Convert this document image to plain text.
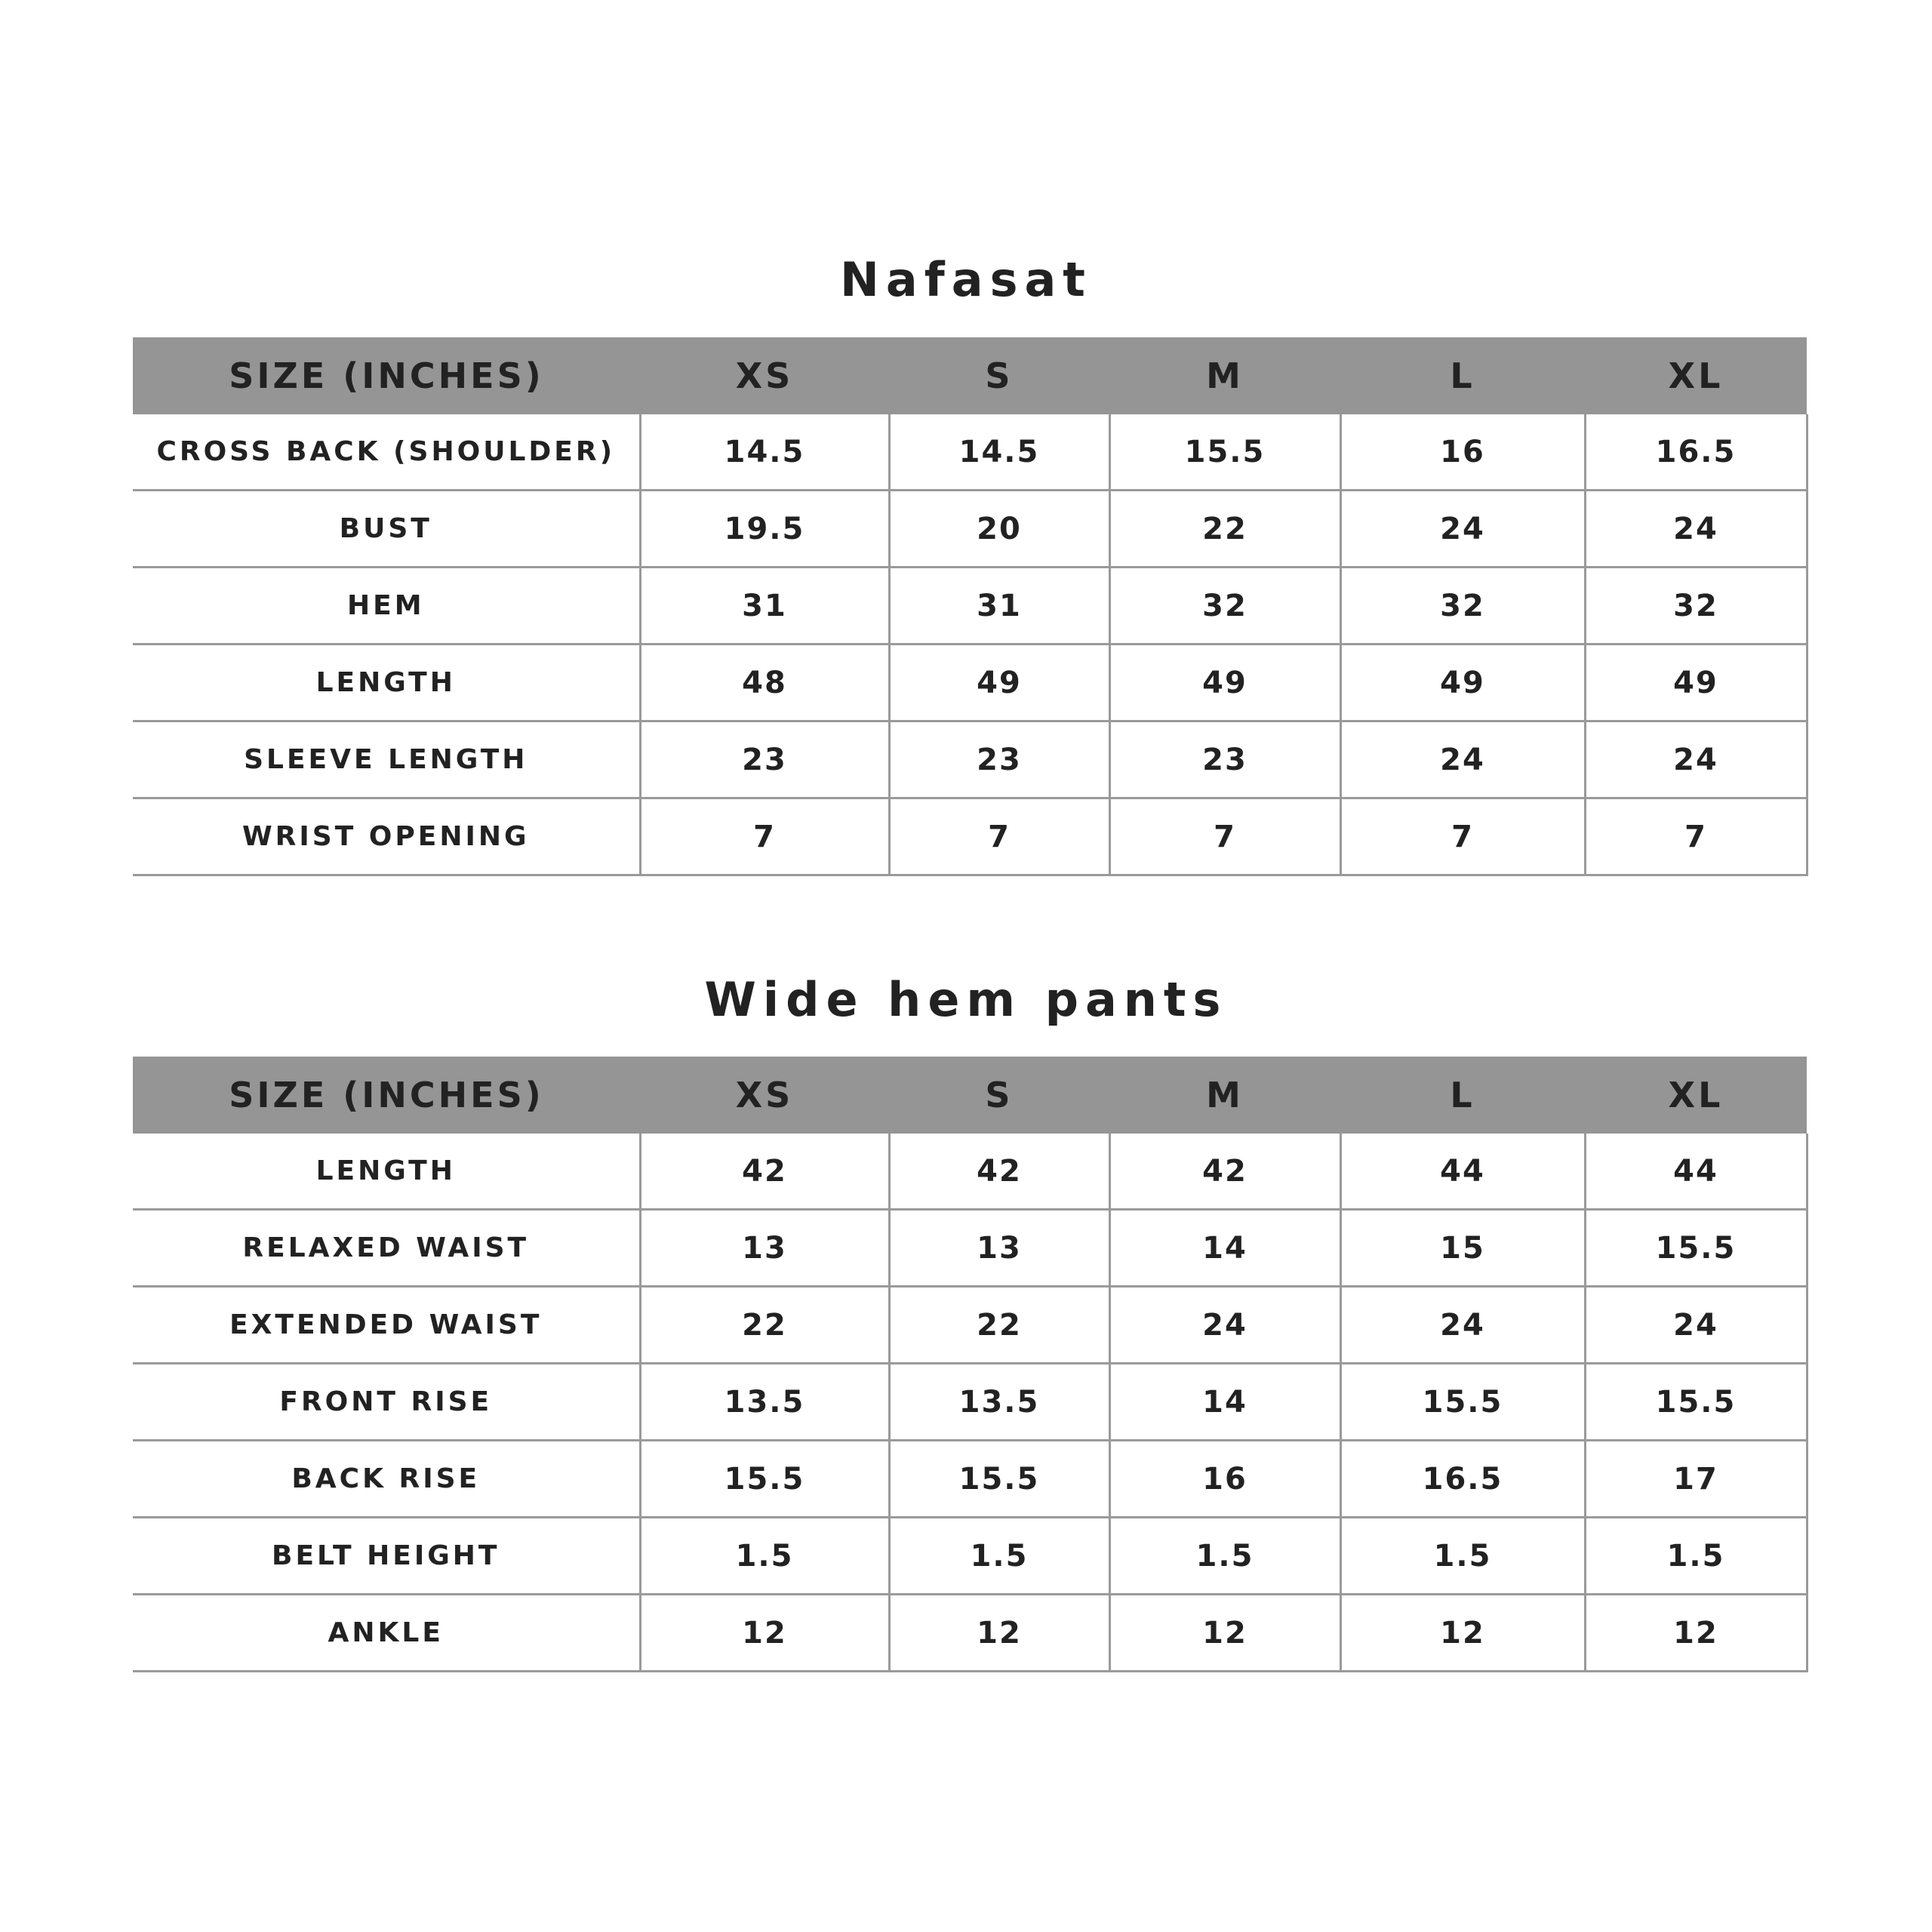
Nafasat
SIZE (INCHES)	XS	S	M	L	XL
CROSS BACK (SHOULDER)	14.5	14.5	15.5	16	16.5
BUST	19.5	20	22	24	24
HEM	31	31	32	32	32
LENGTH	48	49	49	49	49
SLEEVE LENGTH	23	23	23	24	24
WRIST OPENING	7	7	7	7	7
Wide hem pants
SIZE (INCHES)	XS	S	M	L	XL
LENGTH	42	42	42	44	44
RELAXED WAIST	13	13	14	15	15.5
EXTENDED WAIST	22	22	24	24	24
FRONT RISE	13.5	13.5	14	15.5	15.5
BACK RISE	15.5	15.5	16	16.5	17
BELT HEIGHT	1.5	1.5	1.5	1.5	1.5
ANKLE	12	12	12	12	12
